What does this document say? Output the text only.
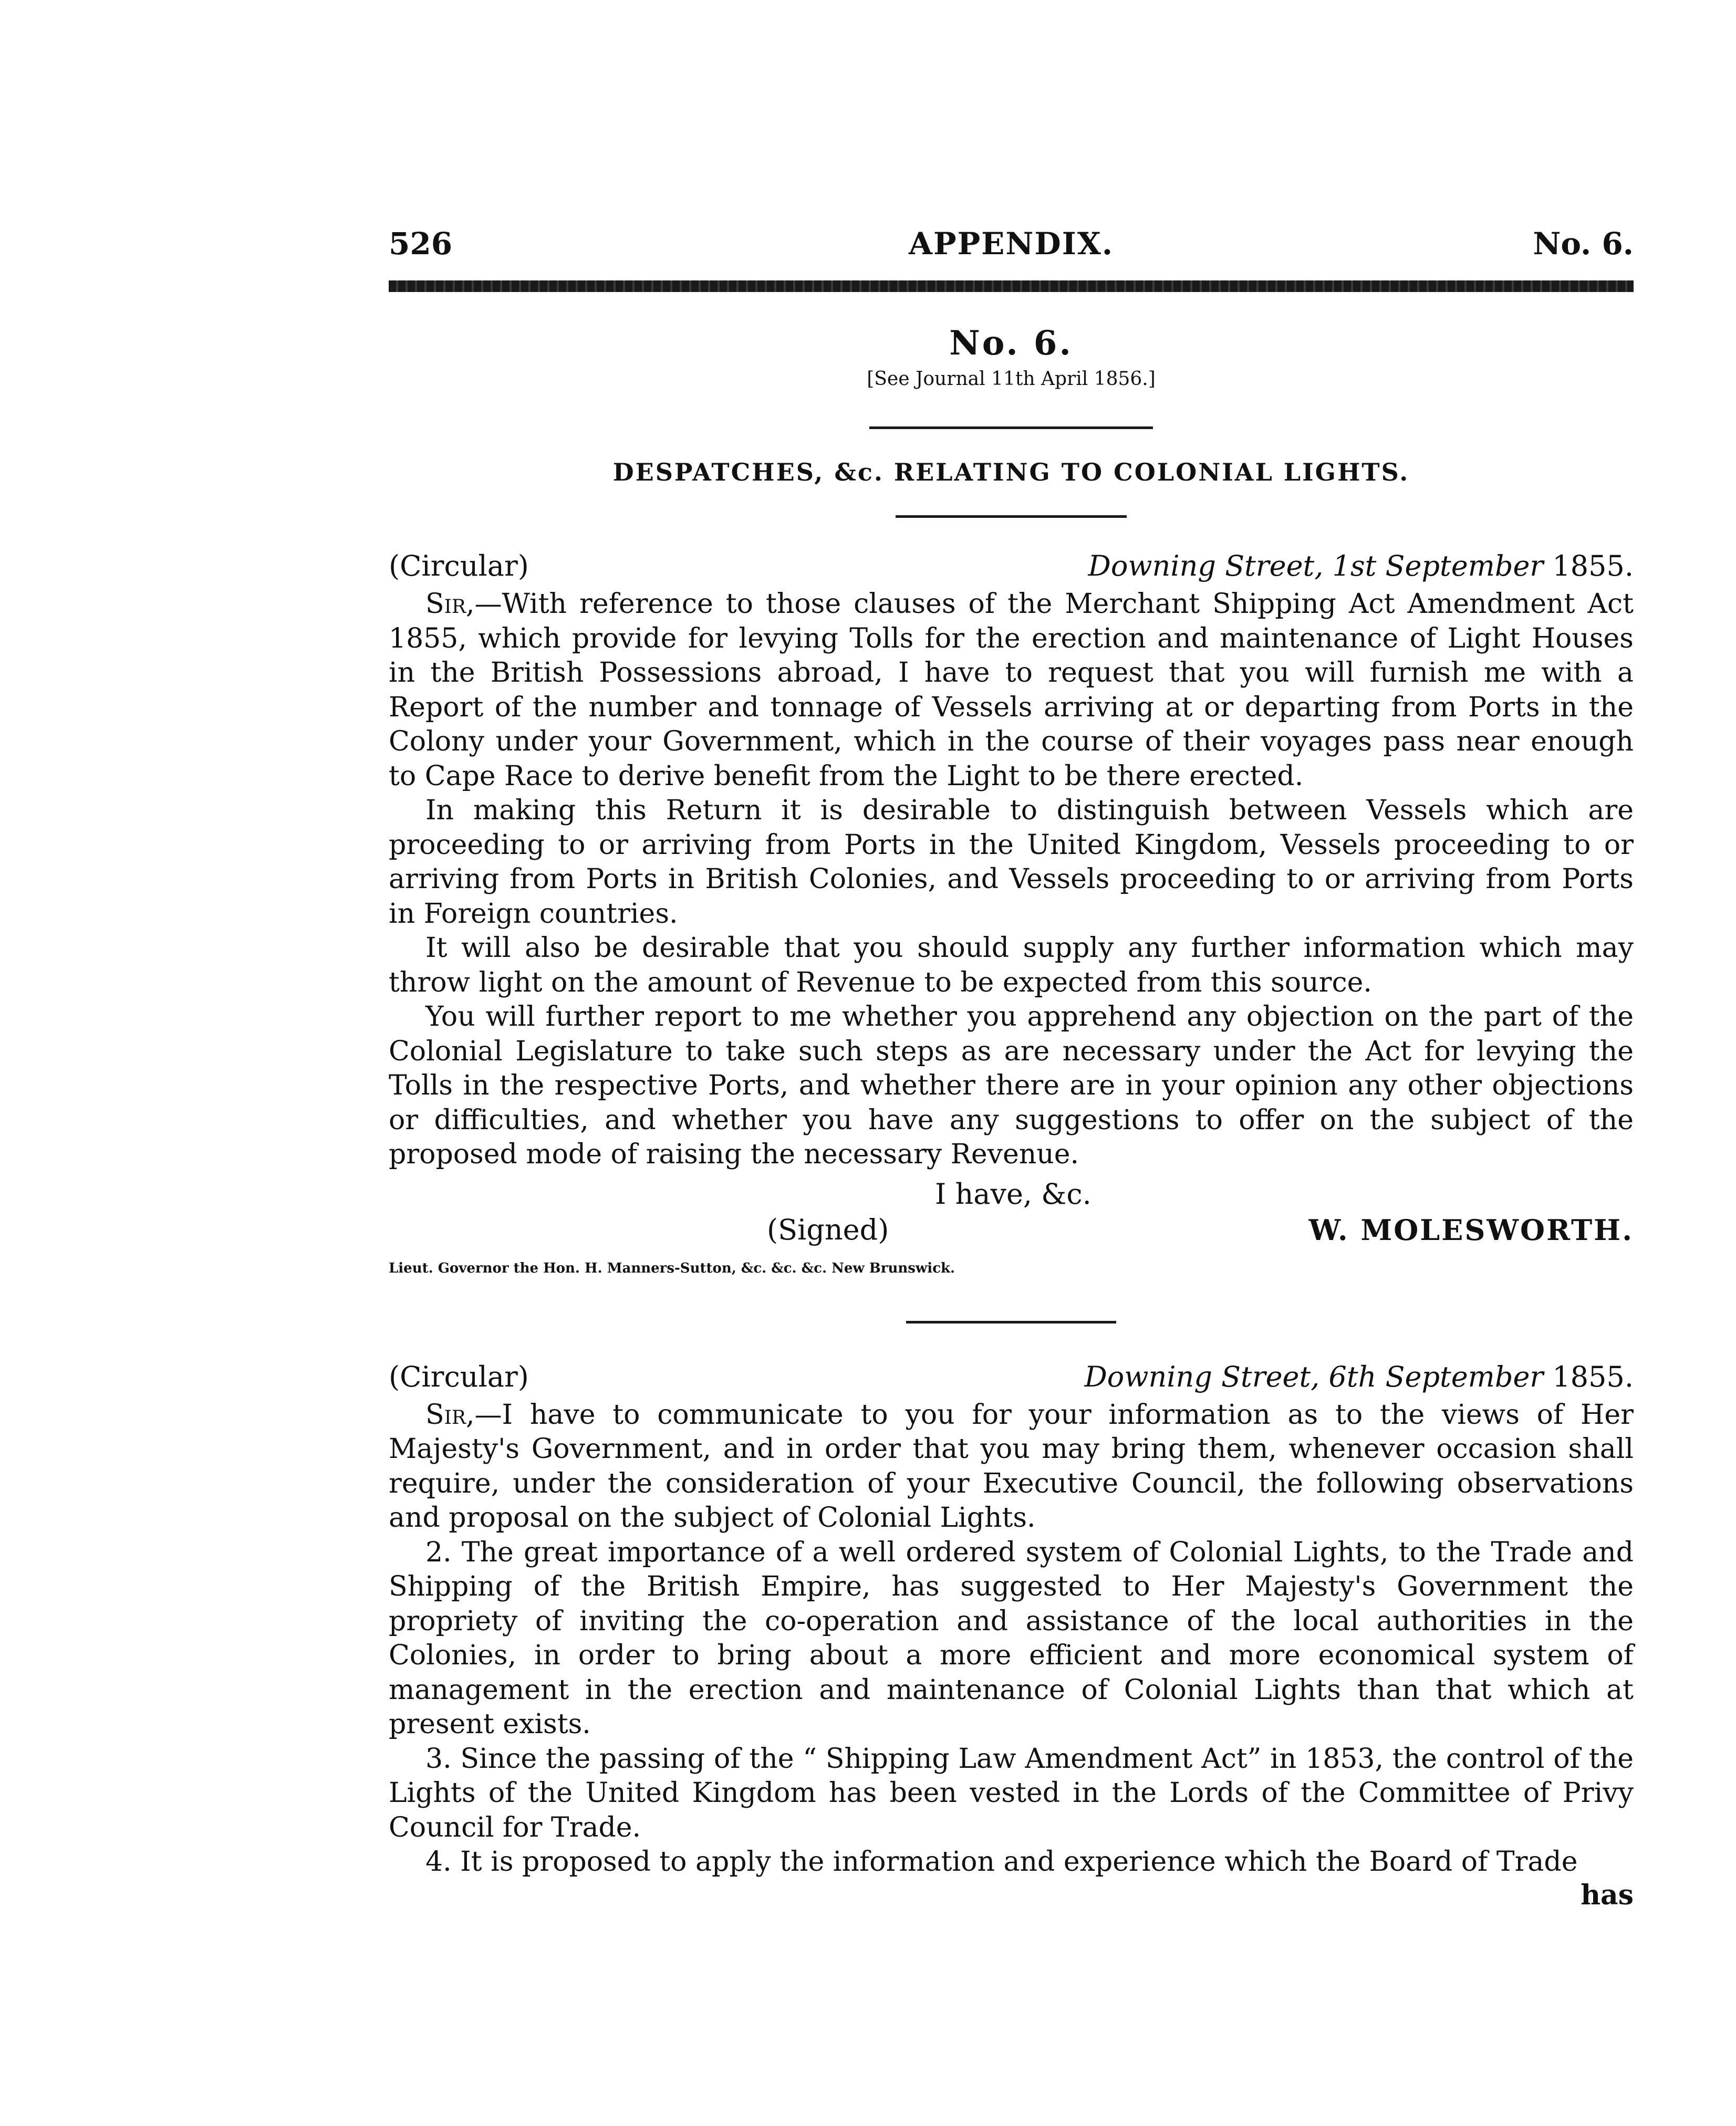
526	APPENDIX.	No. 6.
No. 6.
[See Journal 11th April 1856.]
DESPATCHES, &c. RELATING TO COLONIAL LIGHTS.
(Circular)	Downing Street, 1st September 1855.

Sir,—With reference to those clauses of the Merchant Shipping Act Amendment Act 1855, which provide for levying Tolls for the erection and maintenance of Light Houses in the British Possessions abroad, I have to request that you will furnish me with a Report of the number and tonnage of Vessels arriving at or departing from Ports in the Colony under your Government, which in the course of their voyages pass near enough to Cape Race to derive benefit from the Light to be there erected.

In making this Return it is desirable to distinguish between Vessels which are proceeding to or arriving from Ports in the United Kingdom, Vessels proceeding to or arriving from Ports in British Colonies, and Vessels proceeding to or arriving from Ports in Foreign countries.

It will also be desirable that you should supply any further information which may throw light on the amount of Revenue to be expected from this source.

You will further report to me whether you apprehend any objection on the part of the Colonial Legislature to take such steps as are necessary under the Act for levying the Tolls in the respective Ports, and whether there are in your opinion any other objections or difficulties, and whether you have any suggestions to offer on the subject of the proposed mode of raising the necessary Revenue.

I have, &c.
(Signed)	W. MOLESWORTH.
Lieut. Governor the Hon. H. Manners-Sutton, &c. &c. &c. New Brunswick.
(Circular)	Downing Street, 6th September 1855.

Sir,—I have to communicate to you for your information as to the views of Her Majesty's Government, and in order that you may bring them, whenever occasion shall require, under the consideration of your Executive Council, the following observations and proposal on the subject of Colonial Lights.

2. The great importance of a well ordered system of Colonial Lights, to the Trade and Shipping of the British Empire, has suggested to Her Majesty's Government the propriety of inviting the co-operation and assistance of the local authorities in the Colonies, in order to bring about a more efficient and more economical system of management in the erection and maintenance of Colonial Lights than that which at present exists.

3. Since the passing of the “ Shipping Law Amendment Act” in 1853, the control of the Lights of the United Kingdom has been vested in the Lords of the Committee of Privy Council for Trade.

4. It is proposed to apply the information and experience which the Board of Trade

has
